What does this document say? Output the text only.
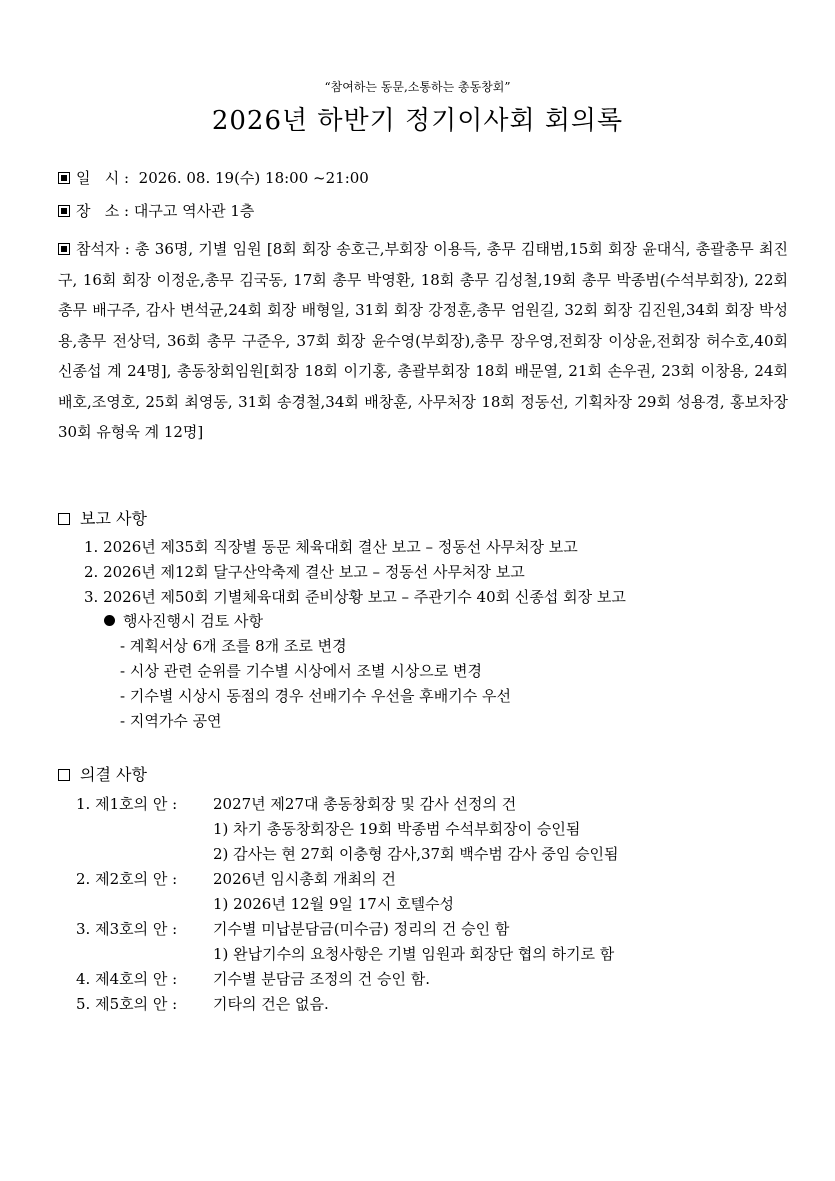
“참여하는 동문,소통하는 총동창회”
2026년 하반기 정기이사회 회의록
일   시 : 2026. 08. 19(수) 18:00 ~21:00
장   소 : 대구고 역사관 1층
참석자 : 총 36명, 기별 임원 [8회 회장 송호근,부회장 이용득, 총무 김태범,15회 회장 윤대식, 총괄총무 최진구, 16회 회장 이정운,총무 김국동, 17회 총무 박영환, 18회 총무 김성철,19회 총무 박종범(수석부회장), 22회 총무 배구주, 감사 변석균,24회 회장 배형일, 31회 회장 강정훈,총무 엄원길, 32회 회장 김진원,34회 회장 박성용,총무 전상덕, 36회 총무 구준우, 37회 회장 윤수영(부회장),총무 장우영,전회장 이상윤,전회장 허수호,40회 신종섭 계 24명], 총동창회임원[회장 18회 이기홍, 총괄부회장 18회 배문열, 21회 손우권, 23회 이창용, 24회 배호,조영호, 25회 최영동, 31회 송경철,34회 배창훈, 사무처장 18회 정동선, 기획차장 29회 성용경, 홍보차장 30회 유형욱 계 12명]
보고 사항
1. 2026년 제35회 직장별 동문 체육대회 결산 보고 – 정동선 사무처장 보고
2. 2026년 제12회 달구산악축제 결산 보고 – 정동선 사무처장 보고
3. 2026년 제50회 기별체육대회 준비상황 보고 – 주관기수 40회 신종섭 회장 보고
행사진행시 검토 사항
- 계획서상 6개 조를 8개 조로 변경
- 시상 관련 순위를 기수별 시상에서 조별 시상으로 변경
- 기수별 시상시 동점의 경우 선배기수 우선을 후배기수 우선
- 지역가수 공연
의결 사항
1. 제1호의 안 : 2027년 제27대 총동창회장 및 감사 선정의 건
1) 차기 총동창회장은 19회 박종범 수석부회장이 승인됨
2) 감사는 현 27회 이충형 감사,37회 백수범 감사 중임 승인됨
2. 제2호의 안 : 2026년 임시총회 개최의 건
1) 2026년 12월 9일 17시 호텔수성
3. 제3호의 안 : 기수별 미납분담금(미수금) 정리의 건 승인 함
1) 완납기수의 요청사항은 기별 임원과 회장단 협의 하기로 함
4. 제4호의 안 : 기수별 분담금 조정의 건 승인 함.
5. 제5호의 안 : 기타의 건은 없음.
